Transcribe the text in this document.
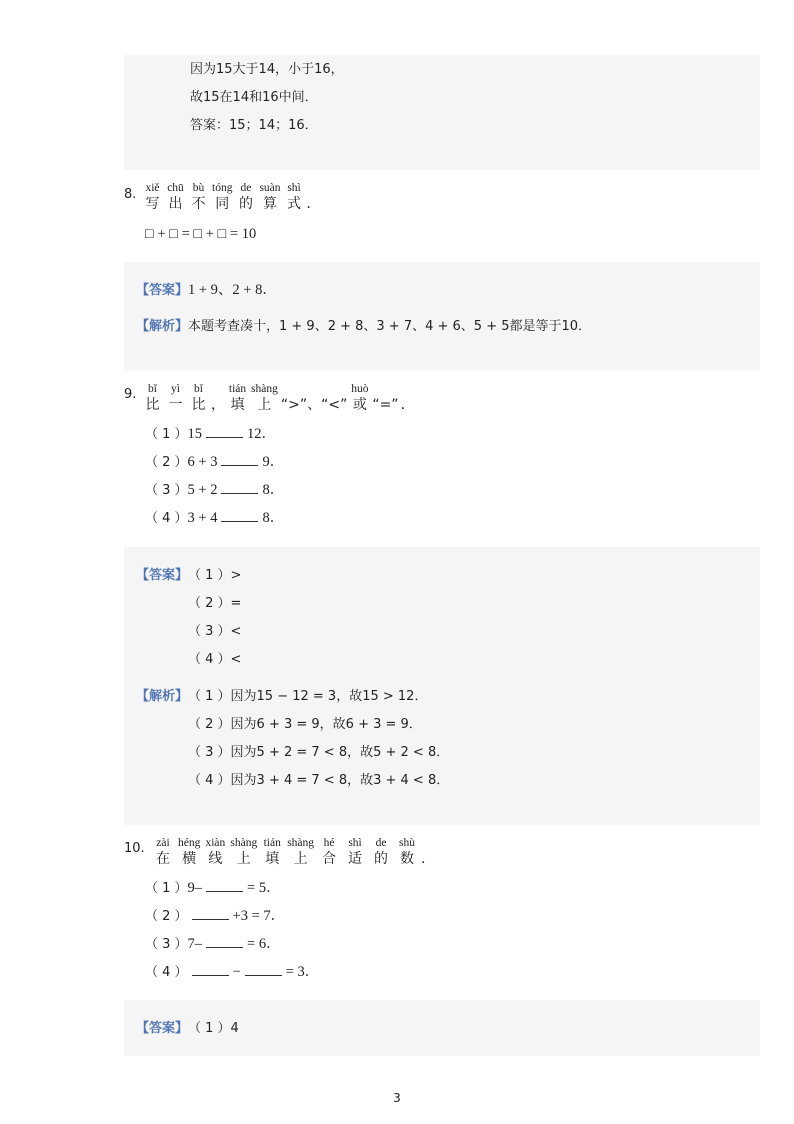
因为15大于14，小于16，
故15在14和16中间．
答案：15；14；16．
8. xiě
写
chū
出
bù
不
tóng
同
de
的
suàn
算
shì
式 ．
□ + □ = □ + □ = 10
【答案】1 + 9、2 + 8．
【解析】本题考查凑十，1 + 9、2 + 8、3 + 7、4 + 6、5 + 5都是等于10．
9.	bǐ
比
yì
一
bǐ
比 ，
tián
填
shàng
上 “>”、“<”
huò
或 “=” ．
（ 1 ）15	12．
（ 2 ）6 + 3	9．
（ 3 ）5 + 2	8．
（ 4 ）3 + 4	8．
【答案】（ 1 ）>
（ 2 ）=
（ 3 ）<
（ 4 ）<
【解析】（ 1 ）因为15 − 12 = 3，故15 > 12．
（ 2 ）因为6 + 3 = 9，故6 + 3 = 9．
（ 3 ）因为5 + 2 = 7 < 8，故5 + 2 < 8．
（ 4 ）因为3 + 4 = 7 < 8，故3 + 4 < 8．
10.	zài
在
héng
横
xiàn
线
shàng
上
tián
填
shàng
上
hé
合
shì
适
de
的
shù
数 ．
（ 1 ）9–	= 5．
（ 2 ）	+3 = 7．
（ 3 ）7–	= 6．
（ 4 ）	−	= 3．
【答案】（ 1 ）4
3
